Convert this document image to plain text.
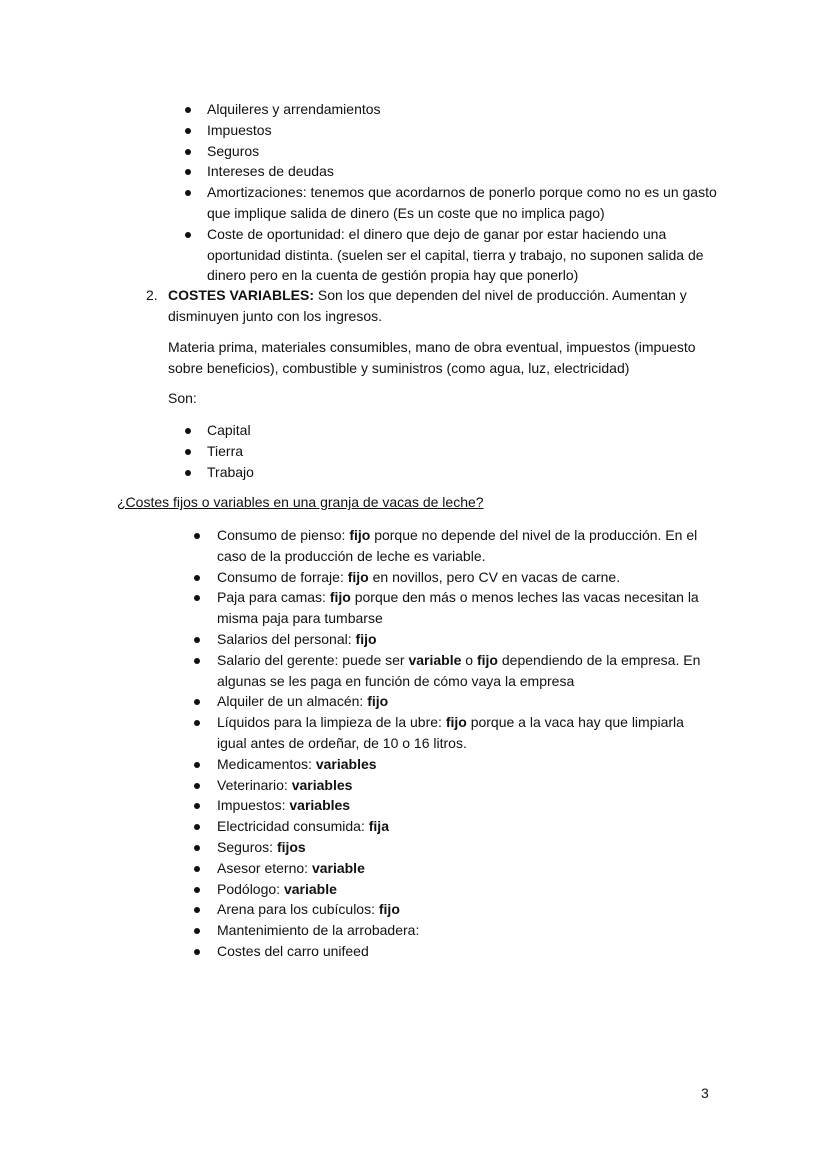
Alquileres y arrendamientos
Impuestos
Seguros
Intereses de deudas
Amortizaciones: tenemos que acordarnos de ponerlo porque como no es un gasto que implique salida de dinero (Es un coste que no implica pago)
Coste de oportunidad: el dinero que dejo de ganar por estar haciendo una oportunidad distinta. (suelen ser el capital, tierra y trabajo, no suponen salida de dinero pero en la cuenta de gestión propia hay que ponerlo)
2. COSTES VARIABLES: Son los que dependen del nivel de producción. Aumentan y disminuyen junto con los ingresos.
Materia prima, materiales consumibles, mano de obra eventual, impuestos (impuesto sobre beneficios), combustible y suministros (como agua, luz, electricidad)
Son:
Capital
Tierra
Trabajo
¿Costes fijos o variables en una granja de vacas de leche?
Consumo de pienso: fijo porque no depende del nivel de la producción. En el caso de la producción de leche es variable.
Consumo de forraje: fijo en novillos, pero CV en vacas de carne.
Paja para camas: fijo porque den más o menos leches las vacas necesitan la misma paja para tumbarse
Salarios del personal: fijo
Salario del gerente: puede ser variable o fijo dependiendo de la empresa. En algunas se les paga en función de cómo vaya la empresa
Alquiler de un almacén: fijo
Líquidos para la limpieza de la ubre: fijo porque a la vaca hay que limpiarla igual antes de ordeñar, de 10 o 16 litros.
Medicamentos: variables
Veterinario: variables
Impuestos: variables
Electricidad consumida: fija
Seguros: fijos
Asesor eterno: variable
Podólogo: variable
Arena para los cubículos: fijo
Mantenimiento de la arrobadera:
Costes del carro unifeed
3
